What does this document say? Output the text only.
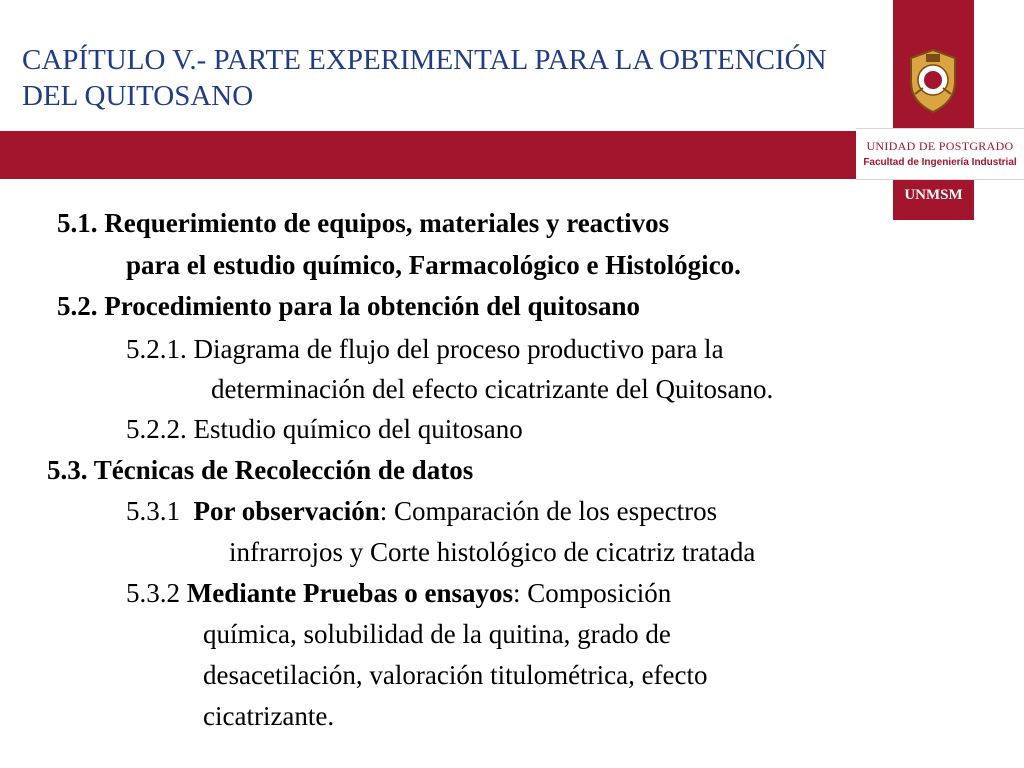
CAPÍTULO V.- PARTE EXPERIMENTAL PARA LA OBTENCIÓN DEL QUITOSANO
UNIDAD DE POSTGRADO
Facultad de Ingeniería Industrial
UNMSM
5.1. Requerimiento de equipos, materiales y reactivos
para el estudio químico, Farmacológico e Histológico.
5.2. Procedimiento para la obtención del quitosano
5.2.1. Diagrama de flujo del proceso productivo para la
determinación del efecto cicatrizante del Quitosano.
5.2.2. Estudio químico del quitosano
5.3. Técnicas de Recolección de datos
5.3.1  Por observación: Comparación de los espectros
infrarrojos y Corte histológico de cicatriz tratada
5.3.2 Mediante Pruebas o ensayos: Composición
química, solubilidad de la quitina, grado de
desacetilación, valoración titulométrica, efecto
cicatrizante.
